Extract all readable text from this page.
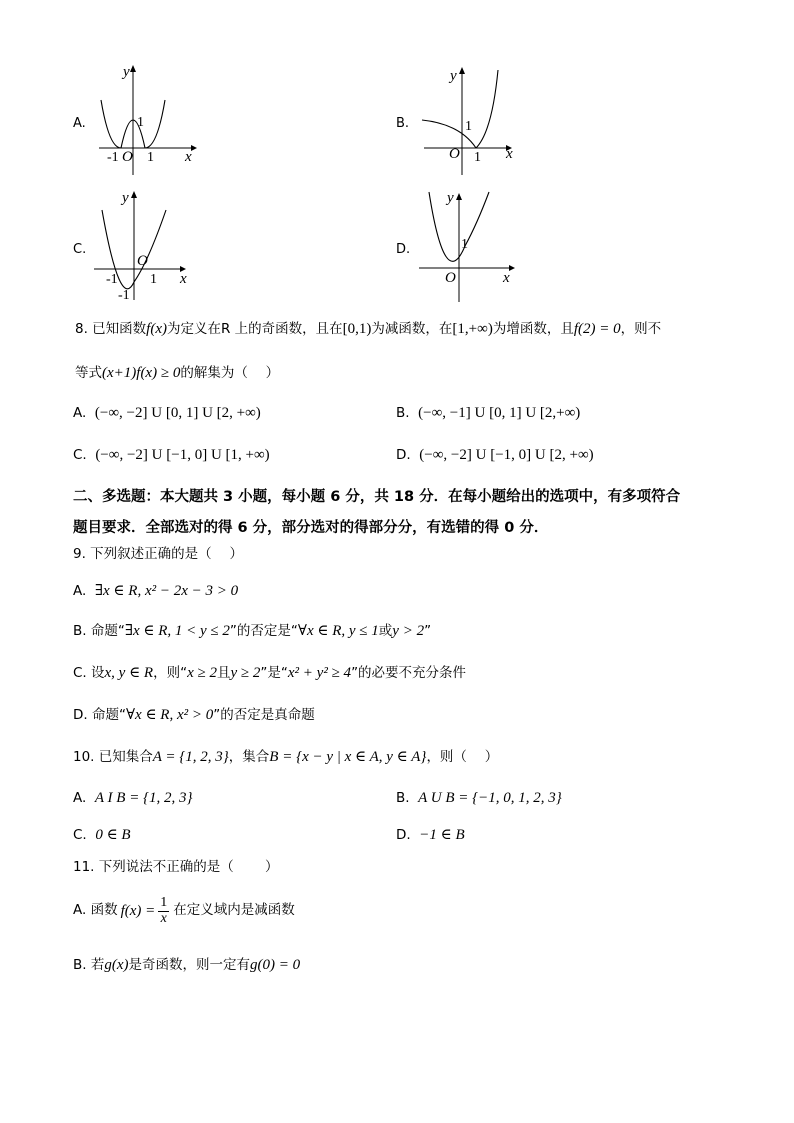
A.
y
x
-1 O 1
1	B.
y
x
O 1
1
C.
y
x
O
-1 1
-1
D.
y
x
O
1
8. 已知函数f(x)为定义在R 上的奇函数，且在[0,1)为减函数，在[1,+∞)为增函数，且f(2) = 0，则不
等式(x+1)f(x) ≥ 0的解集为（　 ）
A. (−∞, −2] U [0, 1] U [2, +∞)	B. (−∞, −1] U [0, 1] U [2,+∞)
C. (−∞, −2] U [−1, 0] U [1, +∞)	D. (−∞, −2] U [−1, 0] U [2, +∞)
二、多选题：本大题共 3 小题，每小题 6 分，共 18 分．在每小题给出的选项中，有多项符合
题目要求．全部选对的得 6 分，部分选对的得部分分，有选错的得 0 分．
9. 下列叙述正确的是（　 ）
A. ∃x ∈ R, x² − 2x − 3 > 0
B. 命题“∃x ∈ R, 1 < y ≤ 2”的否定是“∀x ∈ R, y ≤ 1或y > 2”
C. 设x, y ∈ R，则“x ≥ 2且y ≥ 2”是“x² + y² ≥ 4”的必要不充分条件
D. 命题“∀x ∈ R, x² > 0”的否定是真命题
10. 已知集合A = {1, 2, 3}，集合B = {x − y | x ∈ A, y ∈ A}，则（　 ）
A. A I B = {1, 2, 3}	B. A U B = {−1, 0, 1, 2, 3}
C. 0 ∈ B	D. −1 ∈ B
11. 下列说法不正确的是（　　 ）
A. 函数 $f(x) = \frac{1}{x}$ 在定义域内是减函数
B. 若g(x)是奇函数，则一定有g(0) = 0
